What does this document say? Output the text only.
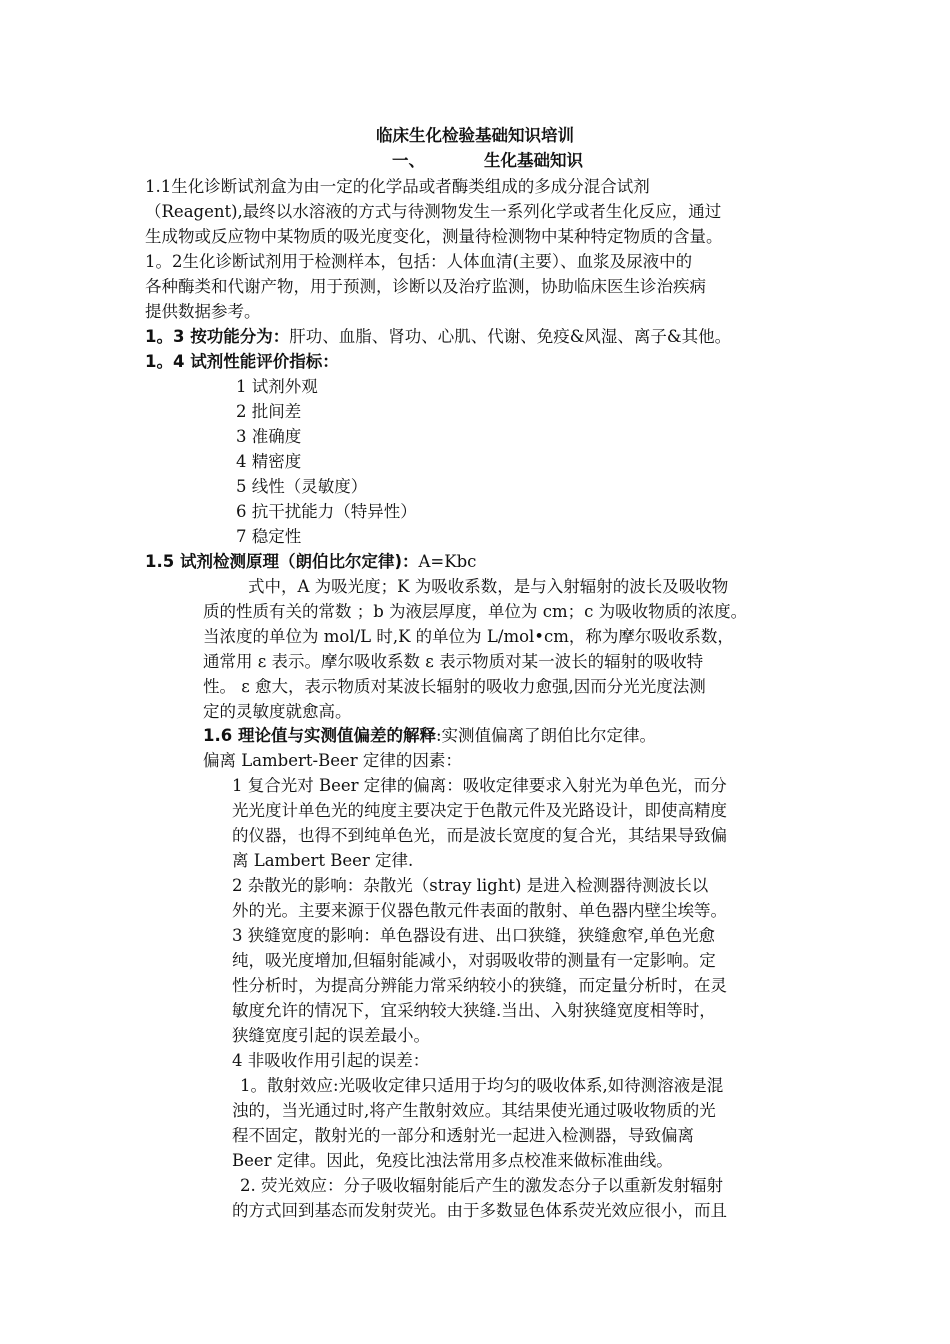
临床生化检验基础知识培训
一、	生化基础知识
1.1生化诊断试剂盒为由一定的化学品或者酶类组成的多成分混合试剂
（Reagent),最终以水溶液的方式与待测物发生一系列化学或者生化反应，通过
生成物或反应物中某物质的吸光度变化，测量待检测物中某种特定物质的含量。
1。2生化诊断试剂用于检测样本，包括：人体血清(主要）、血浆及尿液中的
各种酶类和代谢产物，用于预测，诊断以及治疗监测，协助临床医生诊治疾病
提供数据参考。
1。3 按功能分为：肝功、血脂、肾功、心肌、代谢、免疫&风湿、离子&其他。
1。4 试剂性能评价指标：
1 试剂外观
2 批间差
3 准确度
4 精密度
5 线性（灵敏度）
6 抗干扰能力（特异性）
7 稳定性
1.5 试剂检测原理（朗伯比尔定律)：A=Kbc
式中，A 为吸光度；K 为吸收系数，是与入射辐射的波长及吸收物
质的性质有关的常数 ；b 为液层厚度，单位为 cm；c 为吸收物质的浓度。
当浓度的单位为 mol/L 时,K 的单位为 L/mol•cm，称为摩尔吸收系数，
通常用 ε 表示。摩尔吸收系数 ε 表示物质对某一波长的辐射的吸收特
性。 ε 愈大，表示物质对某波长辐射的吸收力愈强,因而分光光度法测
定的灵敏度就愈高。
1.6 理论值与实测值偏差的解释:实测值偏离了朗伯比尔定律。
偏离 Lambert-Beer 定律的因素：
1 复合光对 Beer 定律的偏离：吸收定律要求入射光为单色光，而分
光光度计单色光的纯度主要决定于色散元件及光路设计，即使高精度
的仪器，也得不到纯单色光，而是波长宽度的复合光，其结果导致偏
离 Lambert Beer 定律.
2 杂散光的影响：杂散光（stray light) 是进入检测器待测波长以
外的光。主要来源于仪器色散元件表面的散射、单色器内壁尘埃等。
3 狭缝宽度的影响：单色器设有进、出口狭缝，狭缝愈窄,单色光愈
纯，吸光度增加,但辐射能减小，对弱吸收带的测量有一定影响。定
性分析时，为提高分辨能力常采纳较小的狭缝，而定量分析时，在灵
敏度允许的情况下，宜采纳较大狭缝.当出、入射狭缝宽度相等时，
狭缝宽度引起的误差最小。
4 非吸收作用引起的误差：
1。散射效应:光吸收定律只适用于均匀的吸收体系,如待测溶液是混
浊的，当光通过时,将产生散射效应。其结果使光通过吸收物质的光
程不固定，散射光的一部分和透射光一起进入检测器，导致偏离
Beer 定律。因此，免疫比浊法常用多点校准来做标准曲线。
2. 荧光效应：分子吸收辐射能后产生的激发态分子以重新发射辐射
的方式回到基态而发射荧光。由于多数显色体系荧光效应很小，而且
